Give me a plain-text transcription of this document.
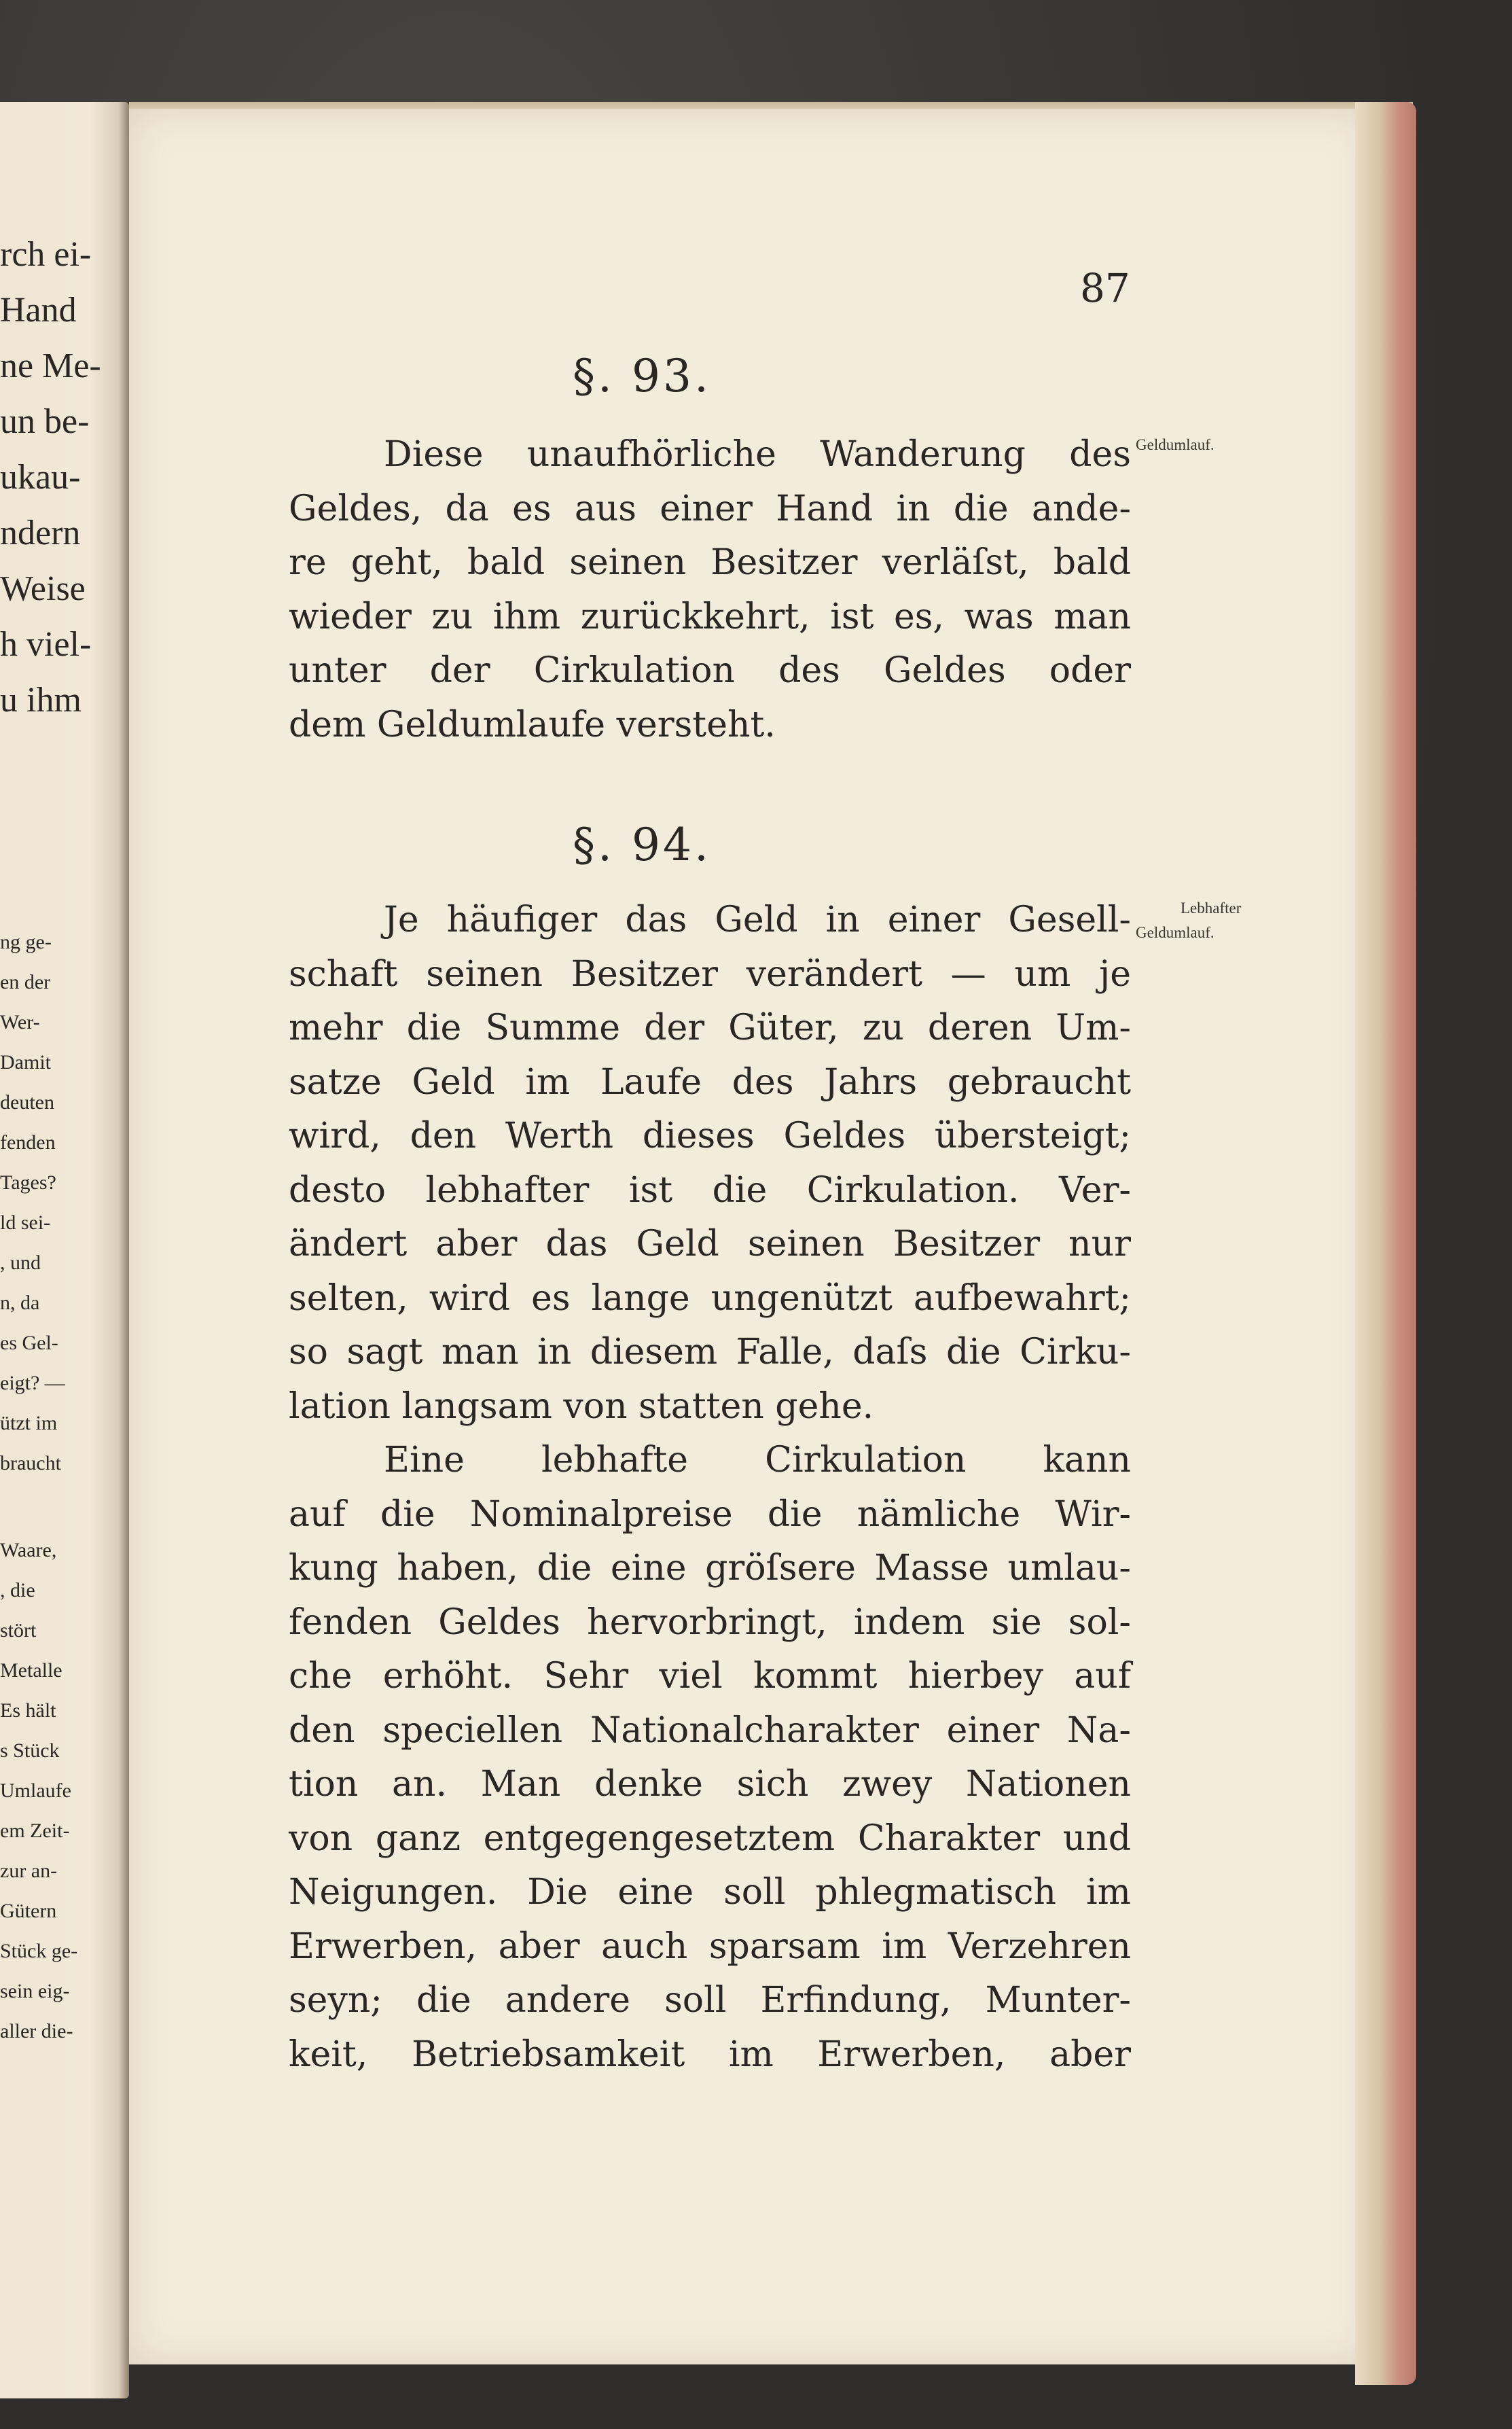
rch ei-
Hand
ne Me-
un be-
ukau-
ndern
Weise
h viel-
u ihm
ng ge-
en der
Wer-
Damit
deuten
fenden
Tages?
ld sei-
, und
n, da
es Gel-
eigt? —
ützt im
braucht
Waare,
, die
stört
Metalle
Es hält
s Stück
Umlaufe
em Zeit-
zur an-
Gütern
Stück ge-
sein eig-
aller die-
87
§. 93.
Geldumlauf.
Diese unaufhörliche Wanderung des
Geldes, da es aus einer Hand in die ande-
re geht, bald seinen Besitzer verläſst, bald
wieder zu ihm zurückkehrt, ist es, was man
unter der Cirkulation des Geldes oder
dem Geldumlaufe versteht.
§. 94.
Lebhafter
Geldumlauf.
Je häufiger das Geld in einer Gesell-
schaft seinen Besitzer verändert — um je
mehr die Summe der Güter, zu deren Um-
satze Geld im Laufe des Jahrs gebraucht
wird, den Werth dieses Geldes übersteigt;
desto lebhafter ist die Cirkulation. Ver-
ändert aber das Geld seinen Besitzer nur
selten, wird es lange ungenützt aufbewahrt;
so sagt man in diesem Falle, daſs die Cirku-
lation langsam von statten gehe.
Eine lebhafte Cirkulation kann
auf die Nominalpreise die nämliche Wir-
kung haben, die eine gröſsere Masse umlau-
fenden Geldes hervorbringt, indem sie sol-
che erhöht. Sehr viel kommt hierbey auf
den speciellen Nationalcharakter einer Na-
tion an. Man denke sich zwey Nationen
von ganz entgegengesetztem Charakter und
Neigungen. Die eine soll phlegmatisch im
Erwerben, aber auch sparsam im Verzehren
seyn; die andere soll Erfindung, Munter-
keit, Betriebsamkeit im Erwerben, aber
